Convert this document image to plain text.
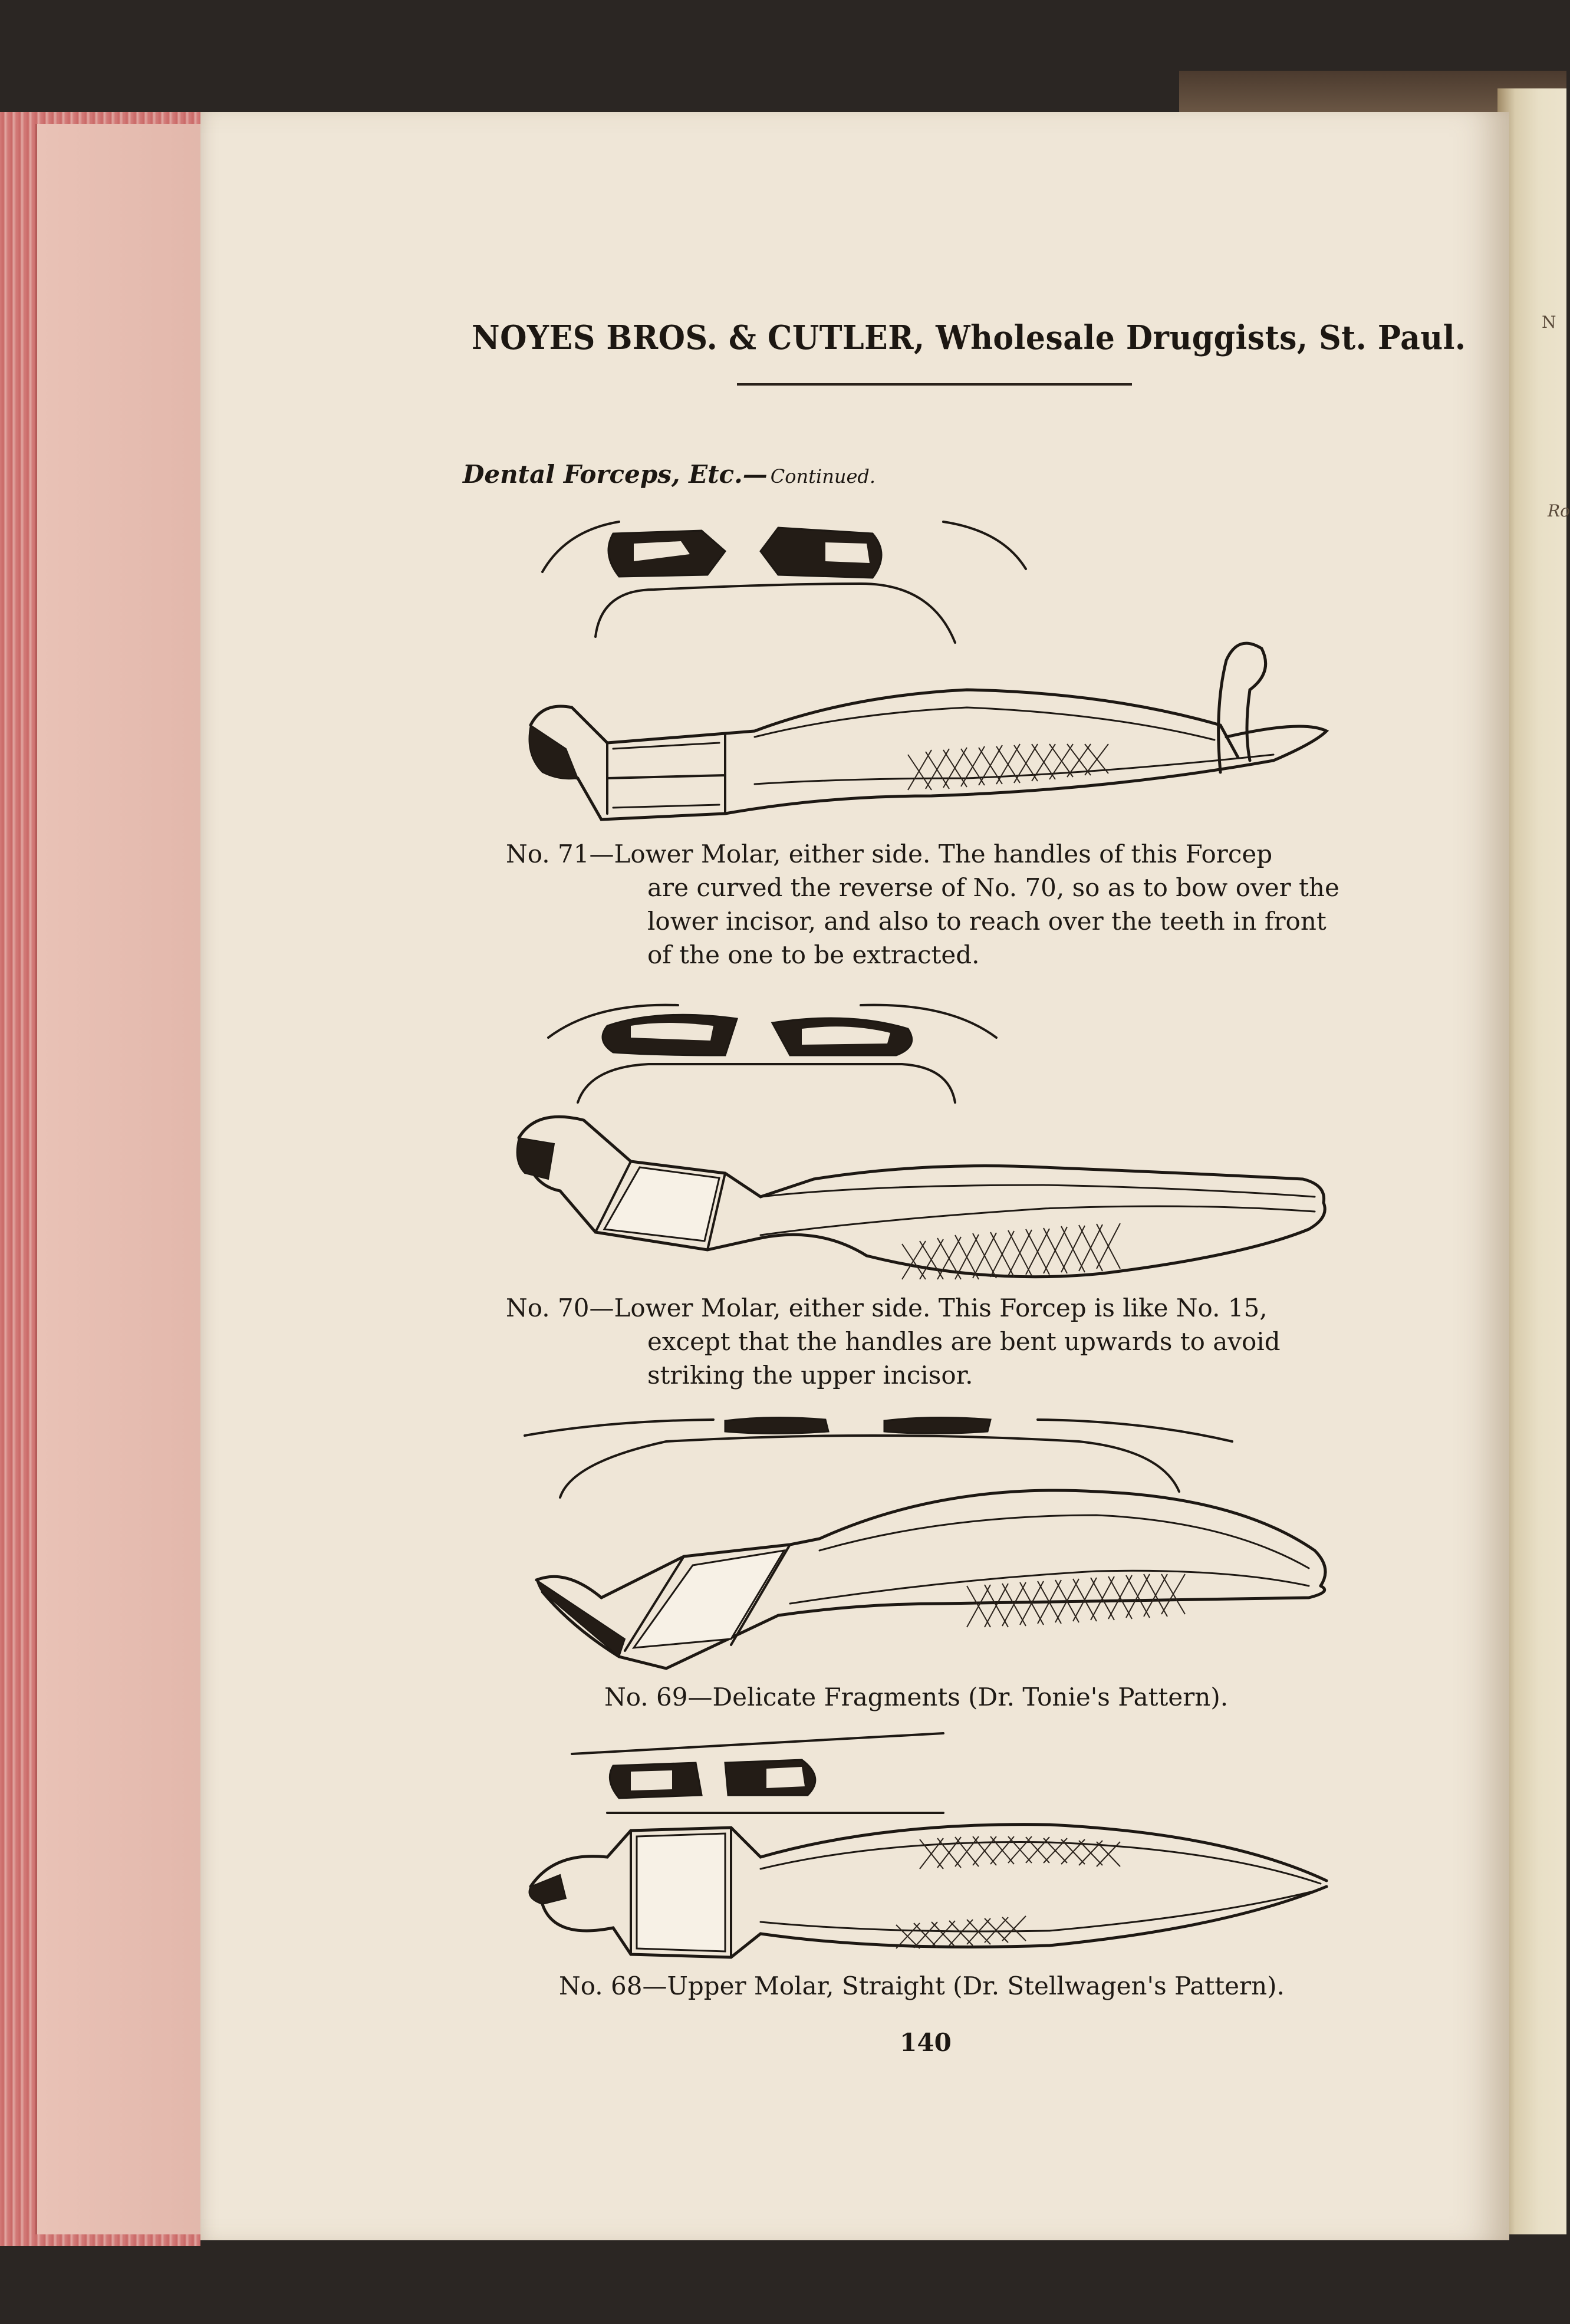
N
Ro
NOYES BROS. & CUTLER, Wholesale Druggists, St. Paul.
Dental Forceps, Etc.— Continued.
No. 71—Lower Molar, either side. The handles of this Forcep
are curved the reverse of No. 70, so as to bow over the
lower incisor, and also to reach over the teeth in front
of the one to be extracted.
No. 70—Lower Molar, either side. This Forcep is like No. 15,
except that the handles are bent upwards to avoid
striking the upper incisor.
No. 69—Delicate Fragments (Dr. Tonie's Pattern).
No. 68—Upper Molar, Straight (Dr. Stellwagen's Pattern).
140
